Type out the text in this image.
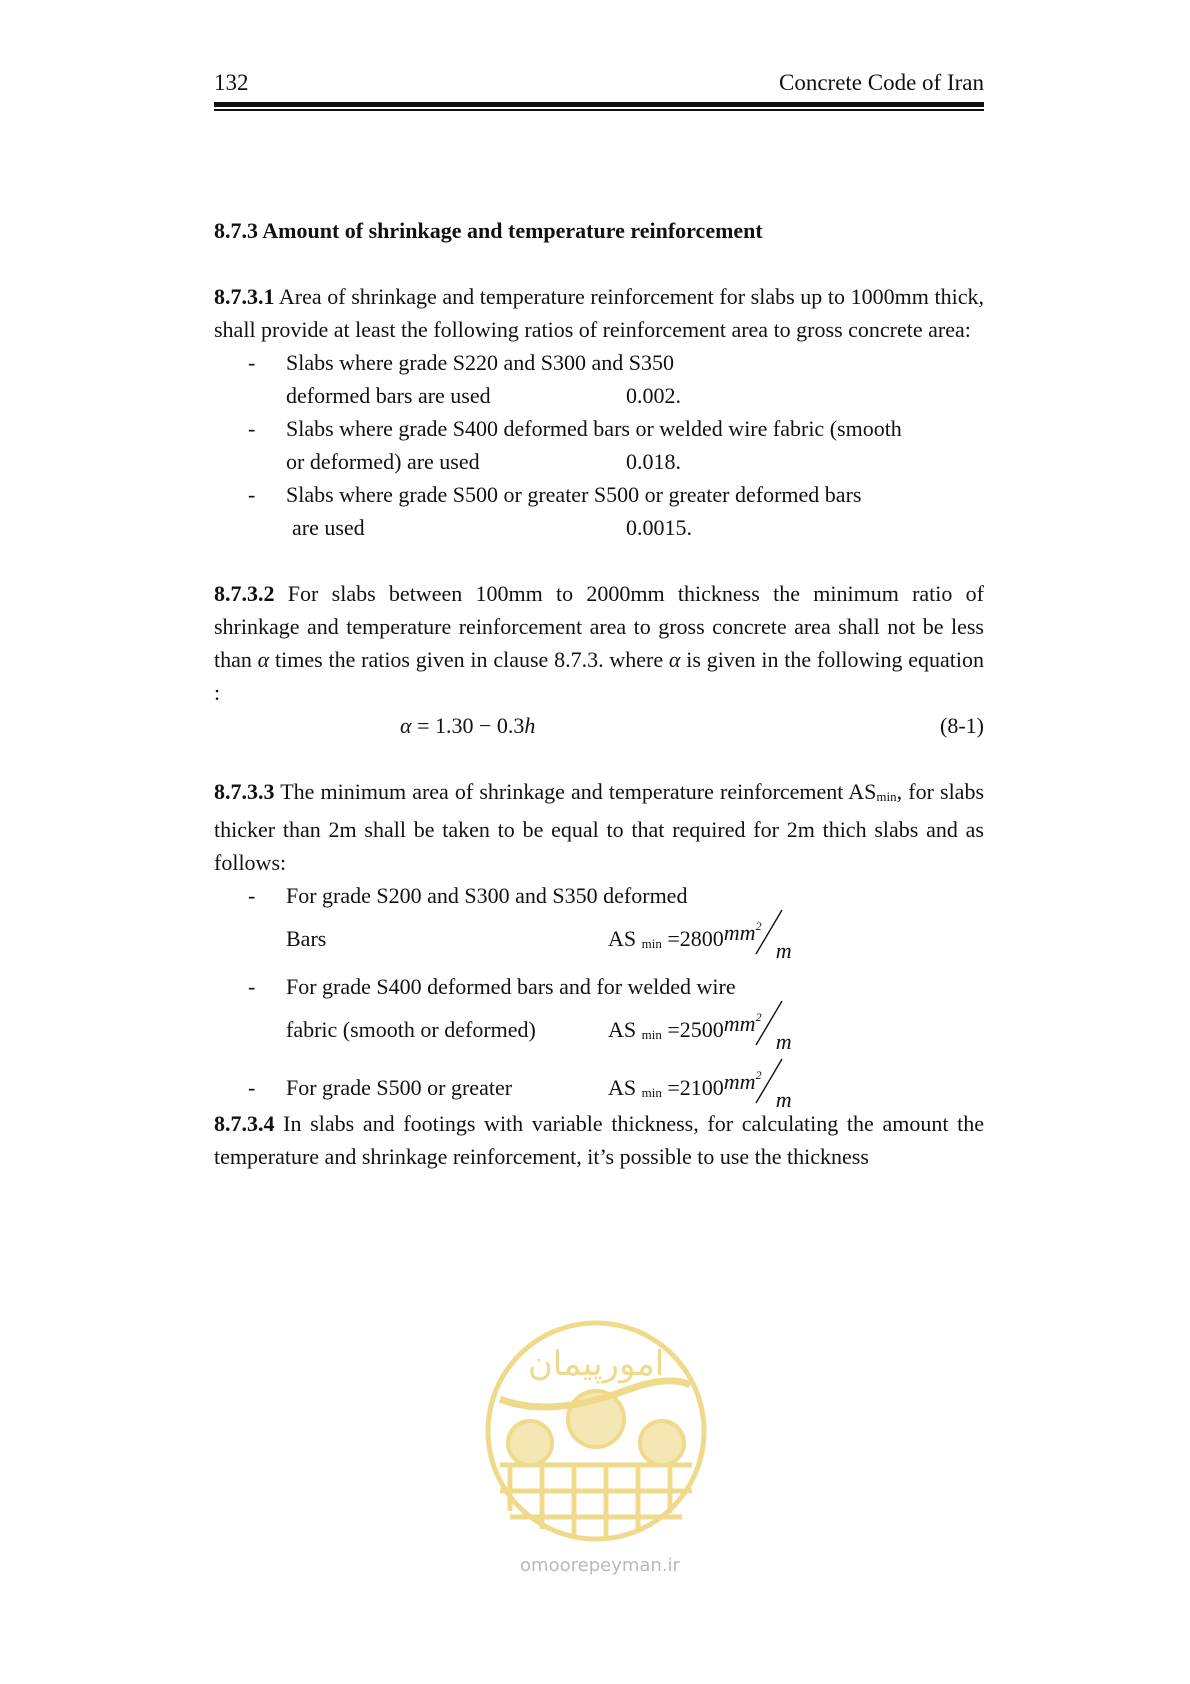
132	Concrete Code of Iran
8.7.3 Amount of shrinkage and temperature reinforcement

8.7.3.1 Area of shrinkage and temperature reinforcement for slabs up to 1000mm thick, shall provide at least the following ratios of reinforcement area to gross concrete area:

- Slabs where grade S220 and S300 and S350
deformed bars are used	0.002.
- Slabs where grade S400 deformed bars or welded wire fabric (smooth
or deformed) are used	0.018.
- Slabs where grade S500 or greater S500 or greater deformed bars
are used	0.0015.

8.7.3.2 For slabs between 100mm to 2000mm thickness the minimum ratio of shrinkage and temperature reinforcement area to gross concrete area shall not be less than α times the ratios given in clause 8.7.3. where α is given in the following equation :

α = 1.30 − 0.3h	(8-1)

8.7.3.3 The minimum area of shrinkage and temperature reinforcement $AS_{min}$, for slabs thicker than 2m shall be taken to be equal to that required for 2m thich slabs and as follows:

- For grade S200 and S300 and S350 deformed
Bars	AS $_{min}$ =2800 $mm^2$
m
- For grade S400 deformed bars and for welded wire
fabric (smooth or deformed)	AS $_{min}$ =2500 $mm^2$
m
- For grade S500 or greater	AS $_{min}$ =2100 $mm^2$
m

8.7.3.4 In slabs and footings with variable thickness, for calculating the amount the temperature and shrinkage reinforcement, it’s possible to use the thickness

امورپیمان
omoorepeyman.ir
